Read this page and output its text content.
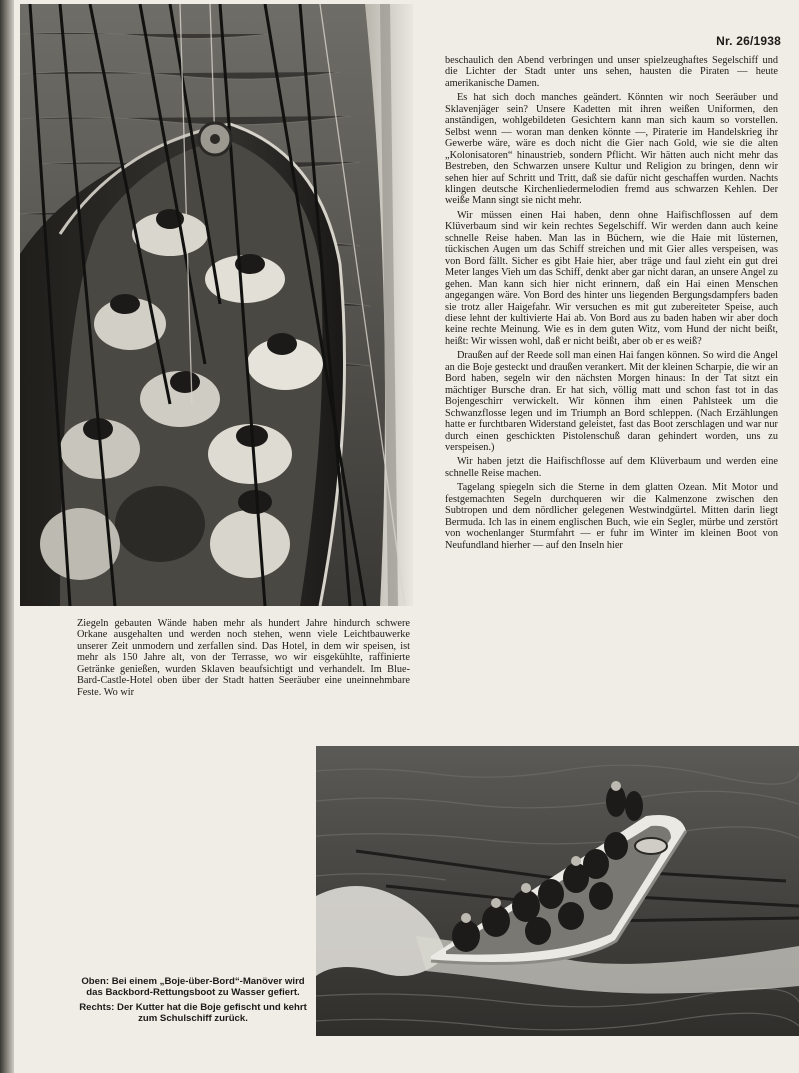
Nr. 26/1938

beschaulich den Abend verbringen und unser spielzeughaftes Segelschiff und die Lichter der Stadt unter uns sehen, hausten die Piraten — heute amerikanische Damen.

Es hat sich doch manches geändert. Könnten wir noch Seeräuber und Sklavenjäger sein? Unsere Kadetten mit ihren weißen Uniformen, den anständigen, wohlgebildeten Gesichtern kann man sich kaum so vorstellen. Selbst wenn — woran man denken könnte —, Piraterie im Handelskrieg ihr Gewerbe wäre, wäre es doch nicht die Gier nach Gold, wie sie die alten „Kolonisatoren“ hinaustrieb, sondern Pflicht. Wir hätten auch nicht mehr das Bestreben, den Schwarzen unsere Kultur und Religion zu bringen, denn wir sehen hier auf Schritt und Tritt, daß sie dafür nicht geschaffen wurden. Nachts klingen deutsche Kirchenliedermelodien fremd aus schwarzen Kehlen. Der weiße Mann singt sie nicht mehr.

Wir müssen einen Hai haben, denn ohne Haifischflossen auf dem Klüverbaum sind wir kein rechtes Segelschiff. Wir werden dann auch keine schnelle Reise haben. Man las in Büchern, wie die Haie mit lüsternen, tückischen Augen um das Schiff streichen und mit Gier alles verspeisen, was von Bord fällt. Sicher es gibt Haie hier, aber träge und faul zieht ein gut drei Meter langes Vieh um das Schiff, denkt aber gar nicht daran, an unsere Angel zu gehen. Man kann sich hier nicht erinnern, daß ein Hai einen Menschen angegangen wäre. Von Bord des hinter uns liegenden Bergungsdampfers baden sie trotz aller Haigefahr. Wir versuchen es mit gut zubereiteter Speise, auch diese lehnt der kultivierte Hai ab. Von Bord aus zu baden haben wir aber doch keine rechte Meinung. Wie es in dem guten Witz, vom Hund der nicht beißt, heißt: Wir wissen wohl, daß er nicht beißt, aber ob er es weiß?

Draußen auf der Reede soll man einen Hai fangen können. So wird die Angel an die Boje gesteckt und draußen verankert. Mit der kleinen Scharpie, die wir an Bord haben, segeln wir den nächsten Morgen hinaus: In der Tat sitzt ein mächtiger Bursche dran. Er hat sich, völlig matt und schon fast tot in das Bojengeschirr verwickelt. Wir können ihm einen Pahlsteek um die Schwanzflosse legen und im Triumph an Bord schleppen. (Nach Erzählungen hatte er furchtbaren Widerstand geleistet, fast das Boot zerschlagen und war nur durch einen geschickten Pistolenschuß daran gehindert worden, uns zu verspeisen.)

Wir haben jetzt die Haifischflosse auf dem Klüverbaum und werden eine schnelle Reise machen.

Tagelang spiegeln sich die Sterne in dem glatten Ozean. Mit Motor und festgemachten Segeln durchqueren wir die Kalmenzone zwischen den Subtropen und dem nördlicher gelegenen Westwindgürtel. Mitten darin liegt Bermuda. Ich las in einem englischen Buch, wie ein Segler, mürbe und zerstört von wochenlanger Sturmfahrt — er fuhr im Winter im kleinen Boot von Neufundland hierher — auf den Inseln hier

Ziegeln gebauten Wände haben mehr als hundert Jahre hindurch schwere Orkane ausgehalten und werden noch stehen, wenn viele Leichtbauwerke unserer Zeit unmodern und zerfallen sind. Das Hotel, in dem wir speisen, ist mehr als 150 Jahre alt, von der Terrasse, wo wir eisgekühlte, raffinierte Getränke genießen, wurden Sklaven beaufsichtigt und verhandelt. Im Blue-Bard-Castle-Hotel oben über der Stadt hatten Seeräuber eine uneinnehmbare Feste. Wo wir

Oben: Bei einem „Boje-über-Bord“-Manöver wird das Backbord-Rettungsboot zu Wasser gefiert.

Rechts: Der Kutter hat die Boje gefischt und kehrt zum Schulschiff zurück.
